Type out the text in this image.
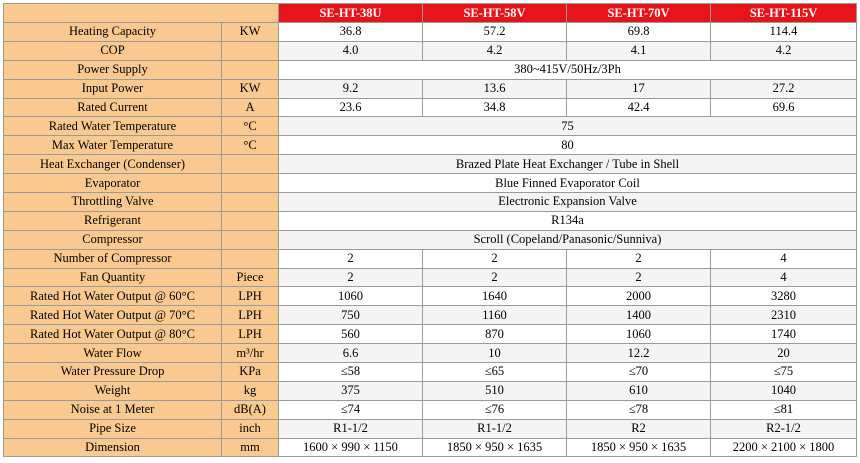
		SE-HT-38U	SE-HT-58V	SE-HT-70V	SE-HT-115V
Heating Capacity	KW	36.8	57.2	69.8	114.4
COP		4.0	4.2	4.1	4.2
Power Supply		380~415V/50Hz/3Ph			
Input Power	KW	9.2	13.6	17	27.2
Rated Current	A	23.6	34.8	42.4	69.6
Rated Water Temperature	°C	75			
Max Water Temperature	°C	80			
Heat Exchanger (Condenser)		Brazed Plate Heat Exchanger / Tube in Shell			
Evaporator		Blue Finned Evaporator Coil			
Throttling Valve		Electronic Expansion Valve			
Refrigerant		R134a			
Compressor		Scroll (Copeland/Panasonic/Sunniva)			
Number of Compressor		2	2	2	4
Fan Quantity	Piece	2	2	2	4
Rated Hot Water Output @ 60°C	LPH	1060	1640	2000	3280
Rated Hot Water Output @ 70°C	LPH	750	1160	1400	2310
Rated Hot Water Output @ 80°C	LPH	560	870	1060	1740
Water Flow	m³/hr	6.6	10	12.2	20
Water Pressure Drop	KPa	≤58	≤65	≤70	≤75
Weight	kg	375	510	610	1040
Noise at 1 Meter	dB(A)	≤74	≤76	≤78	≤81
Pipe Size	inch	R1-1/2	R1-1/2	R2	R2-1/2
Dimension	mm	1600 × 990 × 1150	1850 × 950 × 1635	1850 × 950 × 1635	2200 × 2100 × 1800
